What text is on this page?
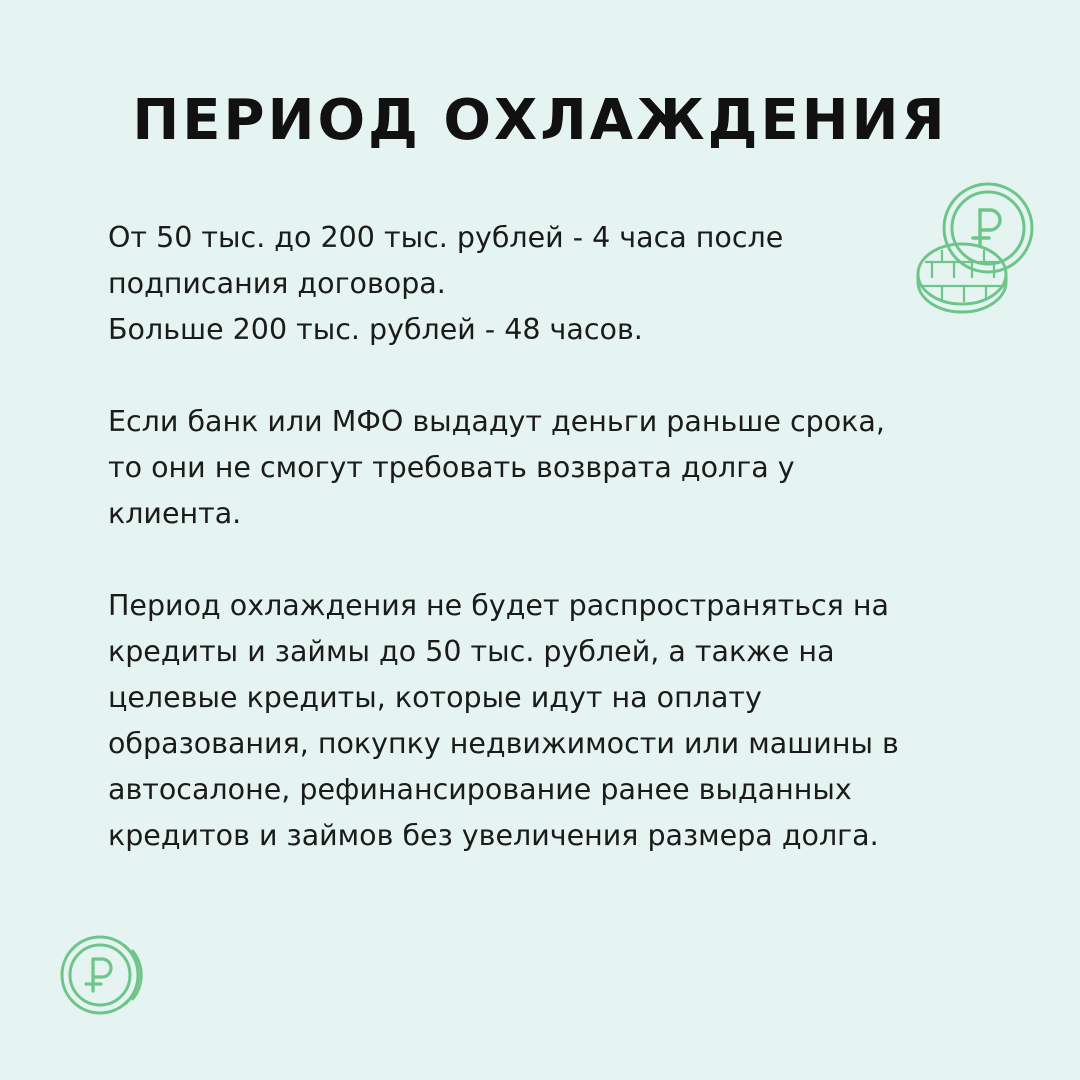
ПЕРИОД ОХЛАЖДЕНИЯ
От 50 тыс. до 200 тыс. рублей - 4 часа после
подписания договора.
Больше 200 тыс. рублей - 48 часов.
Если банк или МФО выдадут деньги раньше срока,
то они не смогут требовать возврата долга у
клиента.
Период охлаждения не будет распространяться на
кредиты и займы до 50 тыс. рублей, а также на
целевые кредиты, которые идут на оплату
образования, покупку недвижимости или машины в
автосалоне, рефинансирование ранее выданных
кредитов и займов без увеличения размера долга.
